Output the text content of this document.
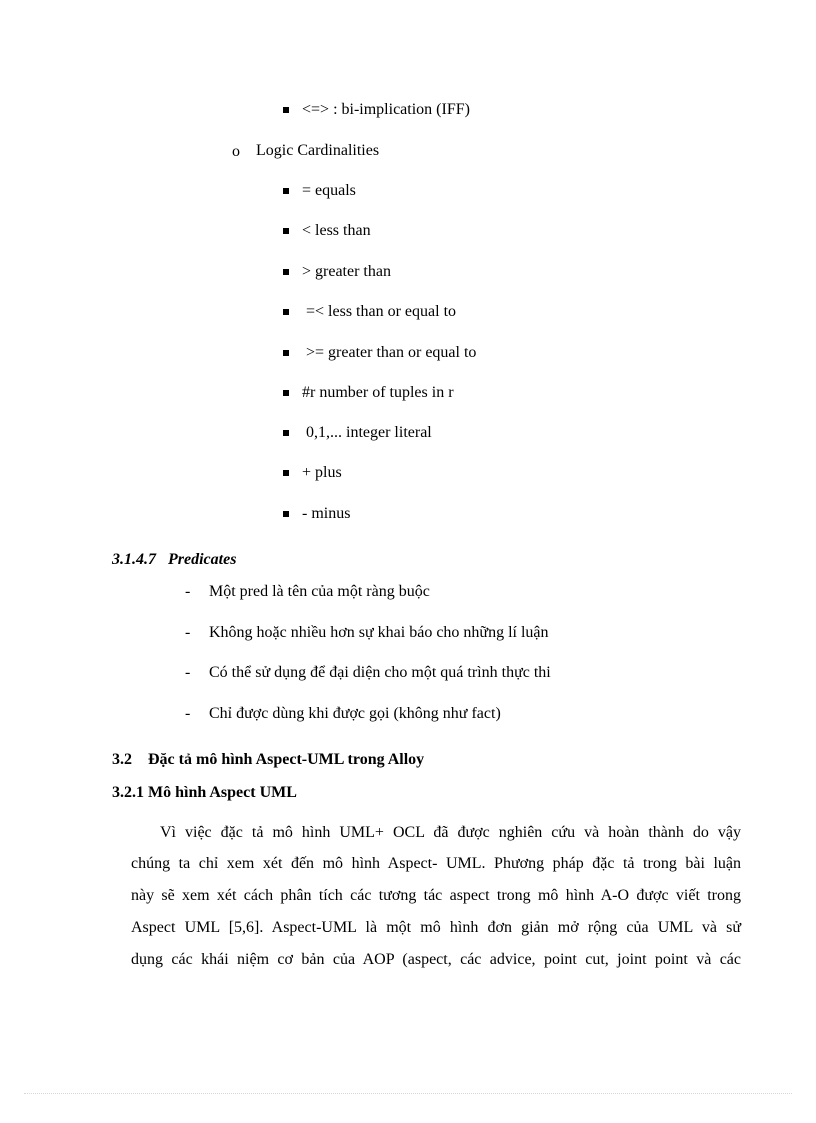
<=> : bi-implication (IFF)
o Logic Cardinalities
= equals
< less than
> greater than
=< less than or equal to
>= greater than or equal to
#r number of tuples in r
0,1,... integer literal
+ plus
- minus
3.1.4.7   Predicates
- Một pred là tên của một ràng buộc
- Không hoặc nhiều hơn sự khai báo cho những lí luận
- Có thể sử dụng để đại diện cho một quá trình thực thi
- Chỉ được dùng khi được gọi (không như fact)
3.2    Đặc tả mô hình Aspect-UML trong Alloy
3.2.1 Mô hình Aspect UML
Vì việc đặc tả mô hình UML+ OCL đã được nghiên cứu và hoàn thành do vậy
chúng ta chỉ xem xét đến mô hình Aspect- UML. Phương pháp đặc tả trong bài luận
này sẽ xem xét cách phân tích các tương tác aspect trong mô hình A-O được viết trong
Aspect UML [5,6]. Aspect-UML là một mô hình đơn giản mở rộng của UML và sử
dụng các khái niệm cơ bản của AOP (aspect, các advice, point cut, joint point và các
